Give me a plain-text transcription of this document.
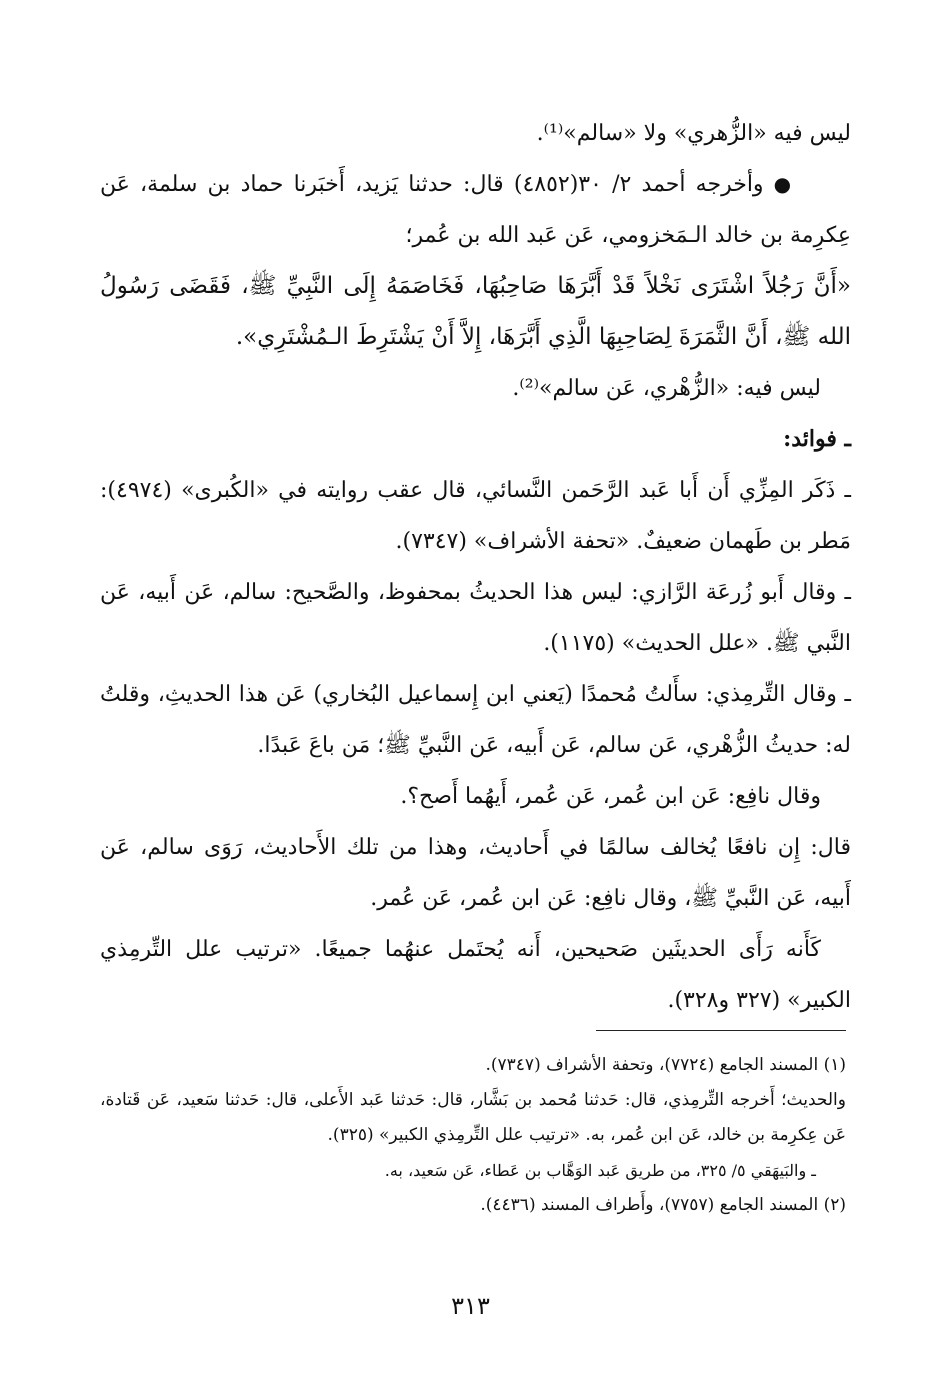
ليس فيه «الزُّهري» ولا «سالم»⁽¹⁾.

●وأخرجه أحمد ٢/ ٣٠(٤٨٥٢) قال: حدثنا يَزيد، أَخبَرنا حماد بن سلمة، عَن عِكرِمة بن خالد الـمَخزومي، عَن عَبد الله بن عُمر؛

«أَنَّ رَجُلاً اشْتَرَى نَخْلاً قَدْ أَبَّرَهَا صَاحِبُهَا، فَخَاصَمَهُ إِلَى النَّبِيِّ ﷺ، فَقَضَى رَسُولُ الله ﷺ، أَنَّ الثَّمَرَةَ لِصَاحِبِهَا الَّذِي أَبَّرَهَا، إِلاَّ أَنْ يَشْتَرِطَ الـمُشْتَرِي».

ليس فيه: «الزُّهْري، عَن سالم»⁽²⁾.

ـ فوائد:

ـ ذَكَر المِزِّي أَن أَبا عَبد الرَّحَمن النَّسائي، قال عقب روايته في «الكُبرى» (٤٩٧٤): مَطر بن طَهمان ضعيفٌ. «تحفة الأشراف» (٧٣٤٧).

ـ وقال أَبو زُرعَة الرَّازي: ليس هذا الحديثُ بمحفوظ، والصَّحيح: سالم، عَن أَبيه، عَن النَّبي ﷺ. «علل الحديث» (١١٧٥).

ـ وقال التِّرمِذي: سأَلتُ مُحمدًا (يَعني ابن إِسماعيل البُخاري) عَن هذا الحديثِ، وقلتُ له: حديثُ الزُّهْري، عَن سالم، عَن أَبيه، عَن النَّبيِّ ﷺ؛ مَن باعَ عَبدًا.

وقال نافِع: عَن ابن عُمر، عَن عُمر، أَيهُما أَصح؟.

قال: إِن نافعًا يُخالف سالمًا في أَحاديث، وهذا من تلك الأَحاديث، رَوَى سالم، عَن أَبيه، عَن النَّبيِّ ﷺ، وقال نافِع: عَن ابن عُمر، عَن عُمر.

كَأَنه رَأَى الحديثَين صَحيحين، أَنه يُحتَمل عنهُما جميعًا. «ترتيب علل التِّرمِذي الكبير» (٣٢٧ و٣٢٨).

(١) المسند الجامع (٧٧٢٤)، وتحفة الأشراف (٧٣٤٧).

والحديث؛ أَخرجه التِّرمِذي، قال: حَدثنا مُحمد بن بَشَّار، قال: حَدثنا عَبد الأَعلى، قال: حَدثنا سَعيد، عَن قَتادة، عَن عِكرِمة بن خالد، عَن ابن عُمر، به. «ترتيب علل التِّرمِذي الكبير» (٣٢٥).

ـ والبَيهَقي ٥/ ٣٢٥، من طريق عَبد الوَهَّاب بن عَطاء، عَن سَعيد، به.

(٢) المسند الجامع (٧٧٥٧)، وأَطراف المسند (٤٤٣٦).

٣١٣
